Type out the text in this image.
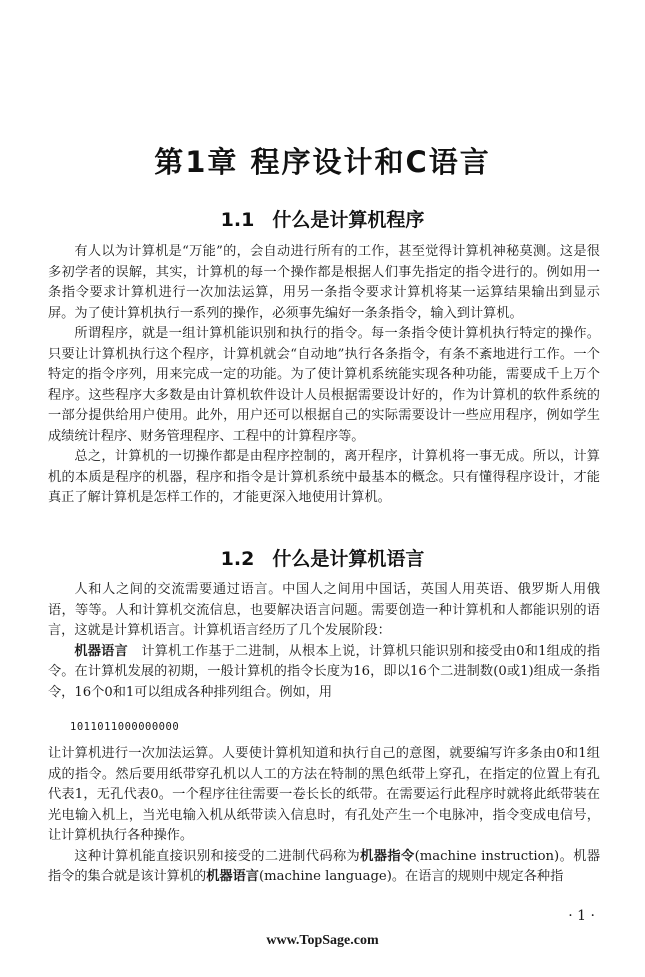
第1章 程序设计和C语言
1.1 什么是计算机程序

有人以为计算机是“万能”的，会自动进行所有的工作，甚至觉得计算机神秘莫测。这是很多初学者的误解，其实，计算机的每一个操作都是根据人们事先指定的指令进行的。例如用一条指令要求计算机进行一次加法运算，用另一条指令要求计算机将某一运算结果输出到显示屏。为了使计算机执行一系列的操作，必须事先编好一条条指令，输入到计算机。

所谓程序，就是一组计算机能识别和执行的指令。每一条指令使计算机执行特定的操作。只要让计算机执行这个程序，计算机就会“自动地”执行各条指令，有条不紊地进行工作。一个特定的指令序列，用来完成一定的功能。为了使计算机系统能实现各种功能，需要成千上万个程序。这些程序大多数是由计算机软件设计人员根据需要设计好的，作为计算机的软件系统的一部分提供给用户使用。此外，用户还可以根据自己的实际需要设计一些应用程序，例如学生成绩统计程序、财务管理程序、工程中的计算程序等。

总之，计算机的一切操作都是由程序控制的，离开程序，计算机将一事无成。所以，计算机的本质是程序的机器，程序和指令是计算机系统中最基本的概念。只有懂得程序设计，才能真正了解计算机是怎样工作的，才能更深入地使用计算机。

1.2 什么是计算机语言

人和人之间的交流需要通过语言。中国人之间用中国话，英国人用英语、俄罗斯人用俄语，等等。人和计算机交流信息，也要解决语言问题。需要创造一种计算机和人都能识别的语言，这就是计算机语言。计算机语言经历了几个发展阶段：

机器语言　计算机工作基于二进制，从根本上说，计算机只能识别和接受由0和1组成的指令。在计算机发展的初期，一般计算机的指令长度为16，即以16个二进制数(0或1)组成一条指令，16个0和1可以组成各种排列组合。例如，用

1011011000000000

让计算机进行一次加法运算。人要使计算机知道和执行自己的意图，就要编写许多条由0和1组成的指令。然后要用纸带穿孔机以人工的方法在特制的黑色纸带上穿孔，在指定的位置上有孔代表1，无孔代表0。一个程序往往需要一卷长长的纸带。在需要运行此程序时就将此纸带装在光电输入机上，当光电输入机从纸带读入信息时，有孔处产生一个电脉冲，指令变成电信号，让计算机执行各种操作。

这种计算机能直接识别和接受的二进制代码称为机器指令(machine instruction)。机器指令的集合就是该计算机的机器语言(machine language)。在语言的规则中规定各种指

· 1 ·
www.TopSage.com
